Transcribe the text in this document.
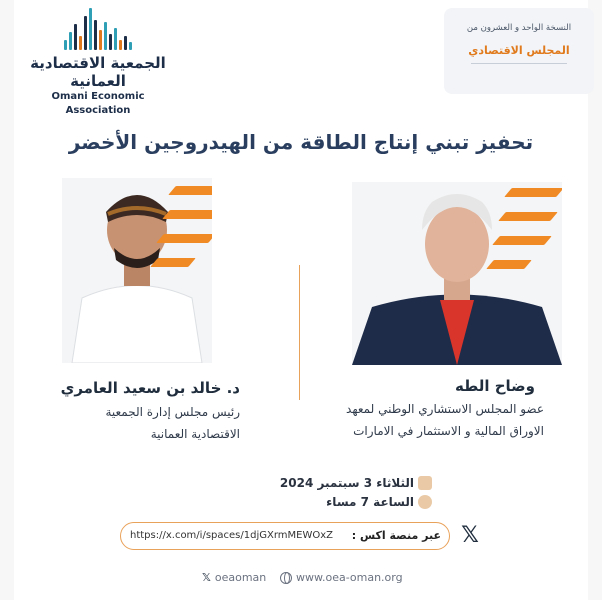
الجمعية الاقتصادية العمانية
Omani Economic Association
النسخة الواحد و العشرون من
المجلس الاقتصادي
تحفيز تبني إنتاج الطاقة من الهيدروجين الأخضر
د. خالد بن سعيد العامري
رئيس مجلس إدارة الجمعية
الاقتصادية العمانية
وضاح الطه
عضو المجلس الاستشاري الوطني لمعهد
الاوراق المالية و الاستثمار في الامارات
الثلاثاء 3 سبتمبر 2024
الساعة 7 مساء
https://x.com/i/spaces/1djGXrmMEWOxZ عبر منصة اكس : 𝕏
𝕏 oeaoman	www.oea-oman.org
